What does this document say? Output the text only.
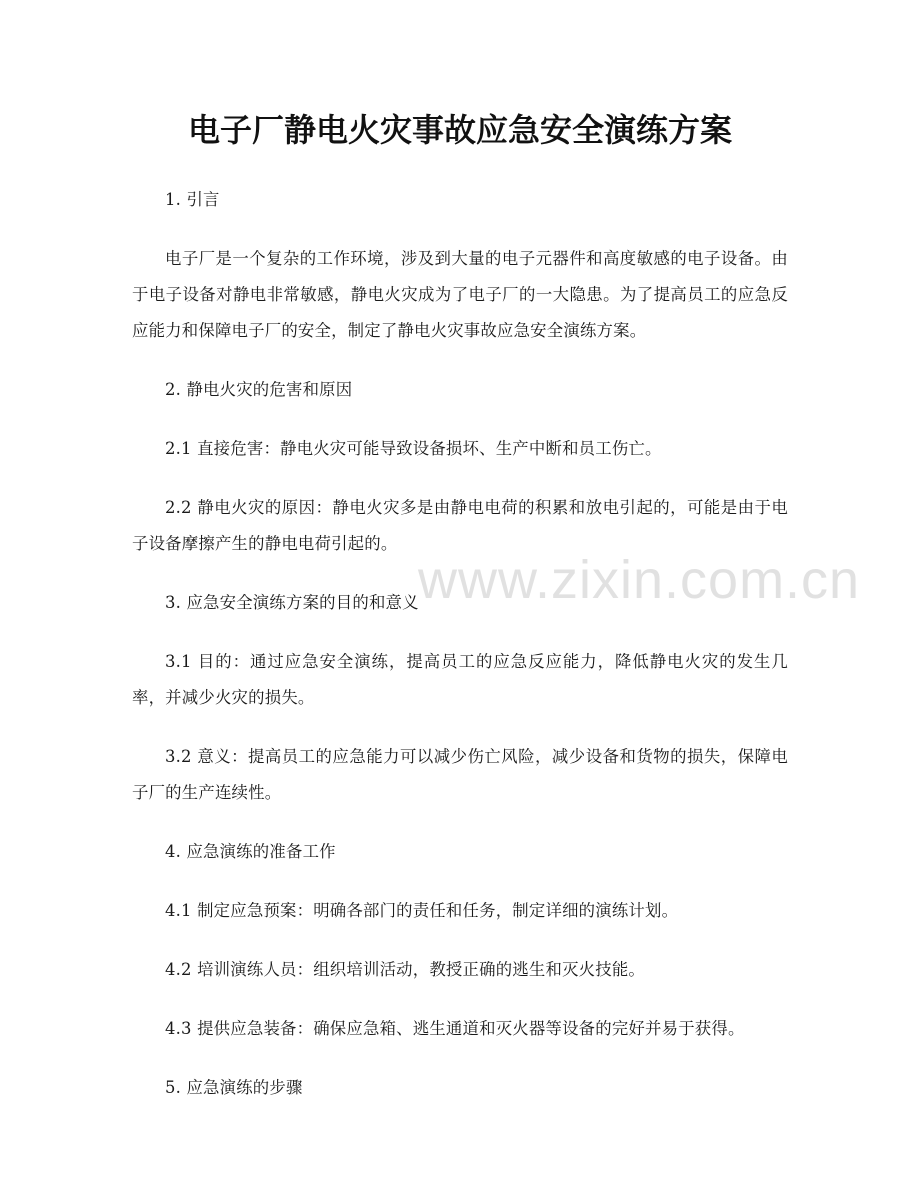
电子厂静电火灾事故应急安全演练方案
www.zixin.com.cn

1. 引言

电子厂是一个复杂的工作环境，涉及到大量的电子元器件和高度敏感的电子设备。由于电子设备对静电非常敏感，静电火灾成为了电子厂的一大隐患。为了提高员工的应急反应能力和保障电子厂的安全，制定了静电火灾事故应急安全演练方案。

2. 静电火灾的危害和原因

2.1 直接危害：静电火灾可能导致设备损坏、生产中断和员工伤亡。

2.2 静电火灾的原因：静电火灾多是由静电电荷的积累和放电引起的，可能是由于电子设备摩擦产生的静电电荷引起的。

3. 应急安全演练方案的目的和意义

3.1 目的：通过应急安全演练，提高员工的应急反应能力，降低静电火灾的发生几率，并减少火灾的损失。

3.2 意义：提高员工的应急能力可以减少伤亡风险，减少设备和货物的损失，保障电子厂的生产连续性。

4. 应急演练的准备工作

4.1 制定应急预案：明确各部门的责任和任务，制定详细的演练计划。

4.2 培训演练人员：组织培训活动，教授正确的逃生和灭火技能。

4.3 提供应急装备：确保应急箱、逃生通道和灭火器等设备的完好并易于获得。

5. 应急演练的步骤
